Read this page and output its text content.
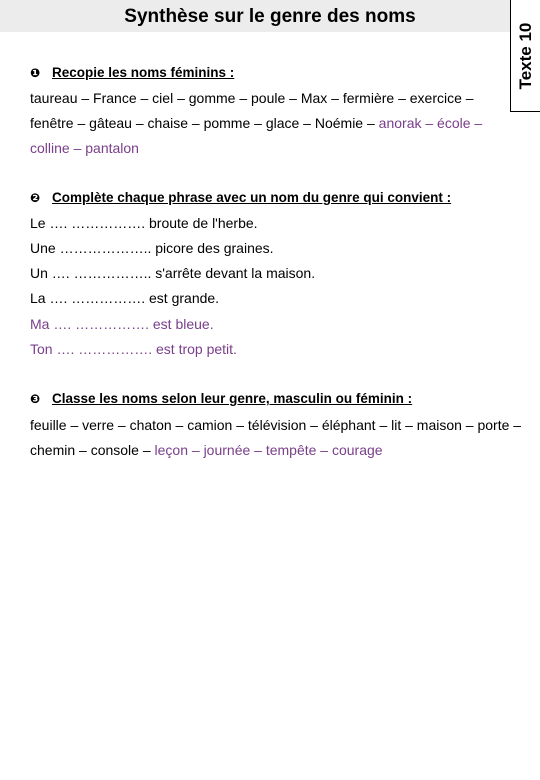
Synthèse sur le genre des noms
Texte 10
❶ Recopie les noms féminins :
taureau – France – ciel – gomme – poule – Max – fermière – exercice –
fenêtre – gâteau – chaise – pomme – glace – Noémie – anorak – école –
colline – pantalon
❷ Complète chaque phrase avec un nom du genre qui convient :
Le …. ……………. broute de l'herbe.
Une ……………….. picore des graines.
Un …. …………….. s'arrête devant la maison.
La …. ……………. est grande.
Ma …. ……………. est bleue.
Ton …. ……………. est trop petit.
❸ Classe les noms selon leur genre, masculin ou féminin :
feuille – verre – chaton – camion – télévision – éléphant – lit – maison – porte –
chemin – console – leçon – journée – tempête – courage
